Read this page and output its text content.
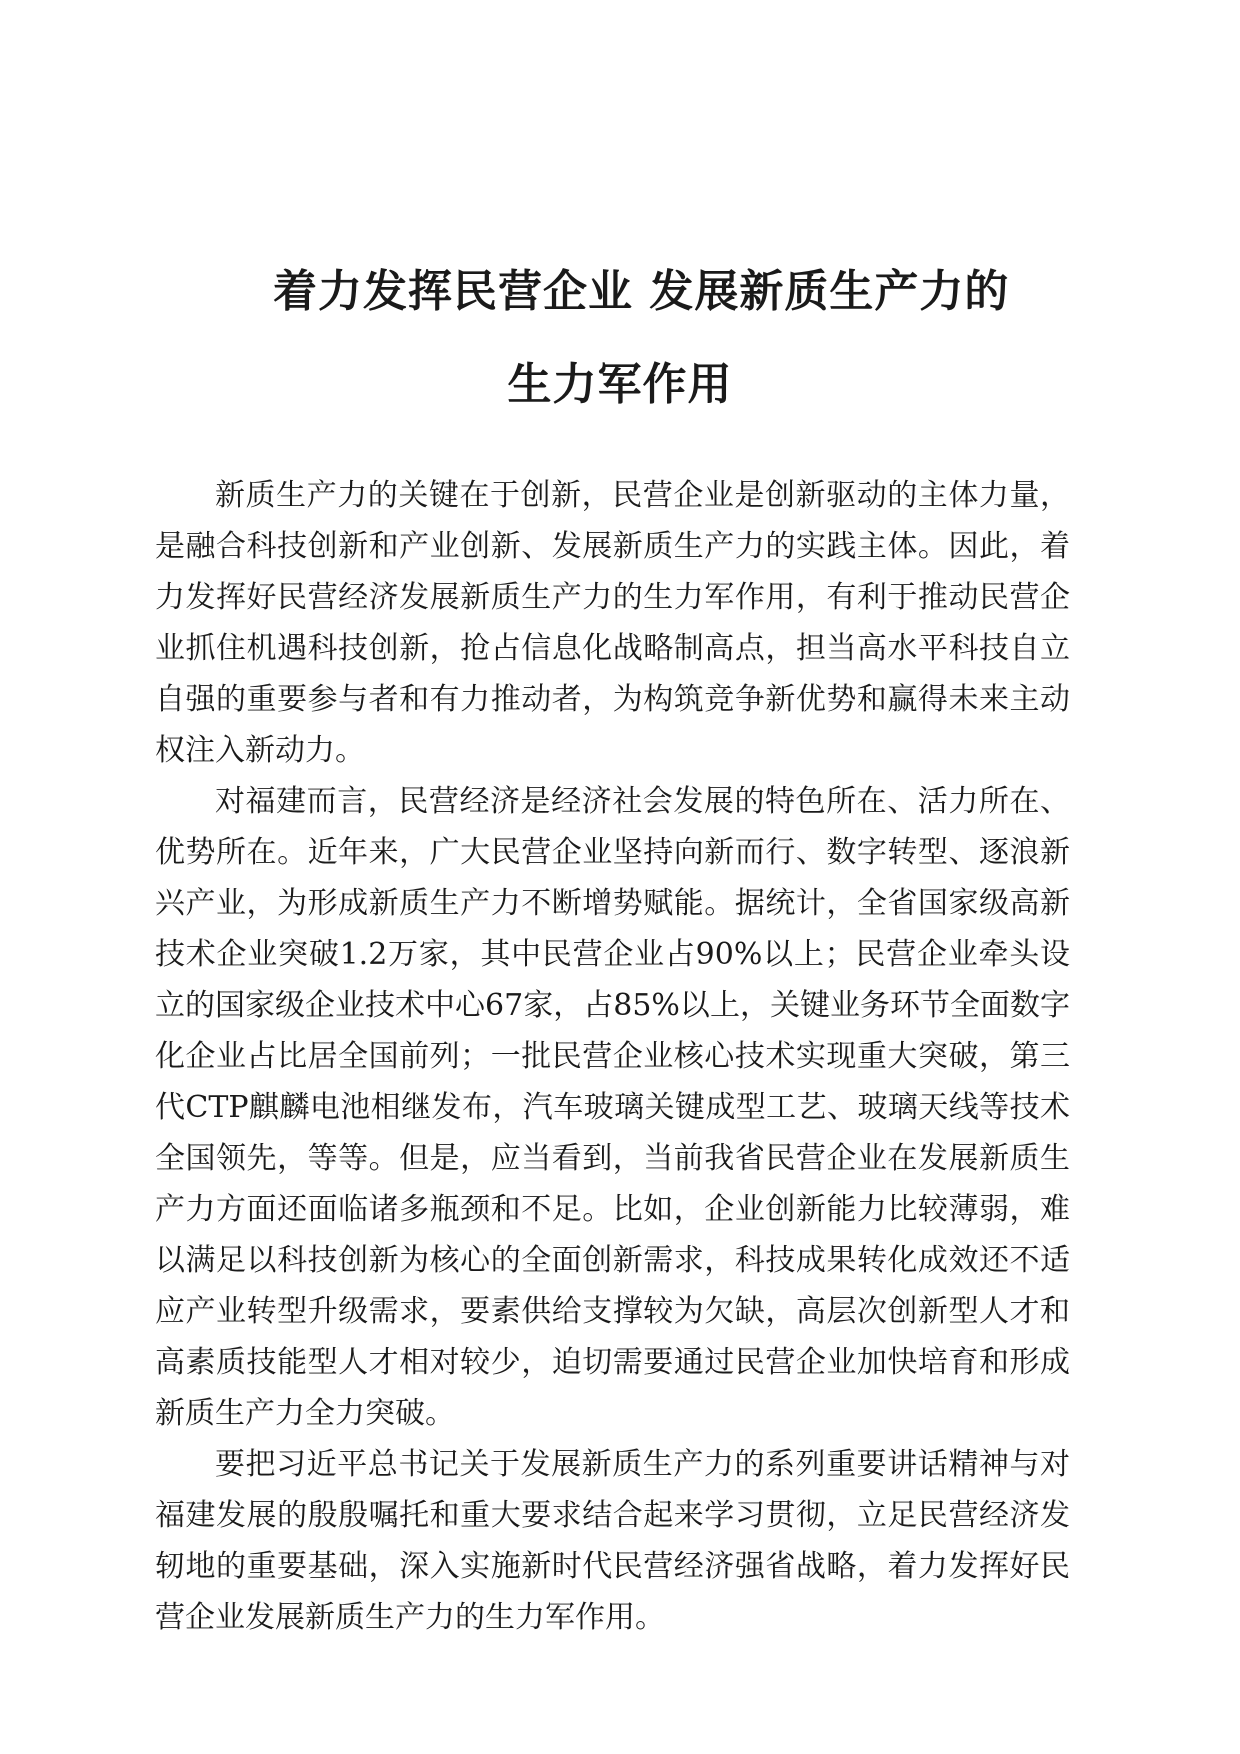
着力发挥民营企业 发展新质生产力的
生力军作用

新质生产力的关键在于创新，民营企业是创新驱动的主体力量，是融合科技创新和产业创新、发展新质生产力的实践主体。因此，着力发挥好民营经济发展新质生产力的生力军作用，有利于推动民营企业抓住机遇科技创新，抢占信息化战略制高点，担当高水平科技自立自强的重要参与者和有力推动者，为构筑竞争新优势和赢得未来主动权注入新动力。

对福建而言，民营经济是经济社会发展的特色所在、活力所在、优势所在。近年来，广大民营企业坚持向新而行、数字转型、逐浪新兴产业，为形成新质生产力不断增势赋能。据统计，全省国家级高新技术企业突破1.2万家，其中民营企业占90%以上；民营企业牵头设立的国家级企业技术中心67家，占85%以上，关键业务环节全面数字化企业占比居全国前列；一批民营企业核心技术实现重大突破，第三代CTP麒麟电池相继发布，汽车玻璃关键成型工艺、玻璃天线等技术全国领先，等等。但是，应当看到，当前我省民营企业在发展新质生产力方面还面临诸多瓶颈和不足。比如，企业创新能力比较薄弱，难以满足以科技创新为核心的全面创新需求，科技成果转化成效还不适应产业转型升级需求，要素供给支撑较为欠缺，高层次创新型人才和高素质技能型人才相对较少，迫切需要通过民营企业加快培育和形成新质生产力全力突破。

要把习近平总书记关于发展新质生产力的系列重要讲话精神与对福建发展的殷殷嘱托和重大要求结合起来学习贯彻，立足民营经济发轫地的重要基础，深入实施新时代民营经济强省战略，着力发挥好民营企业发展新质生产力的生力军作用。
